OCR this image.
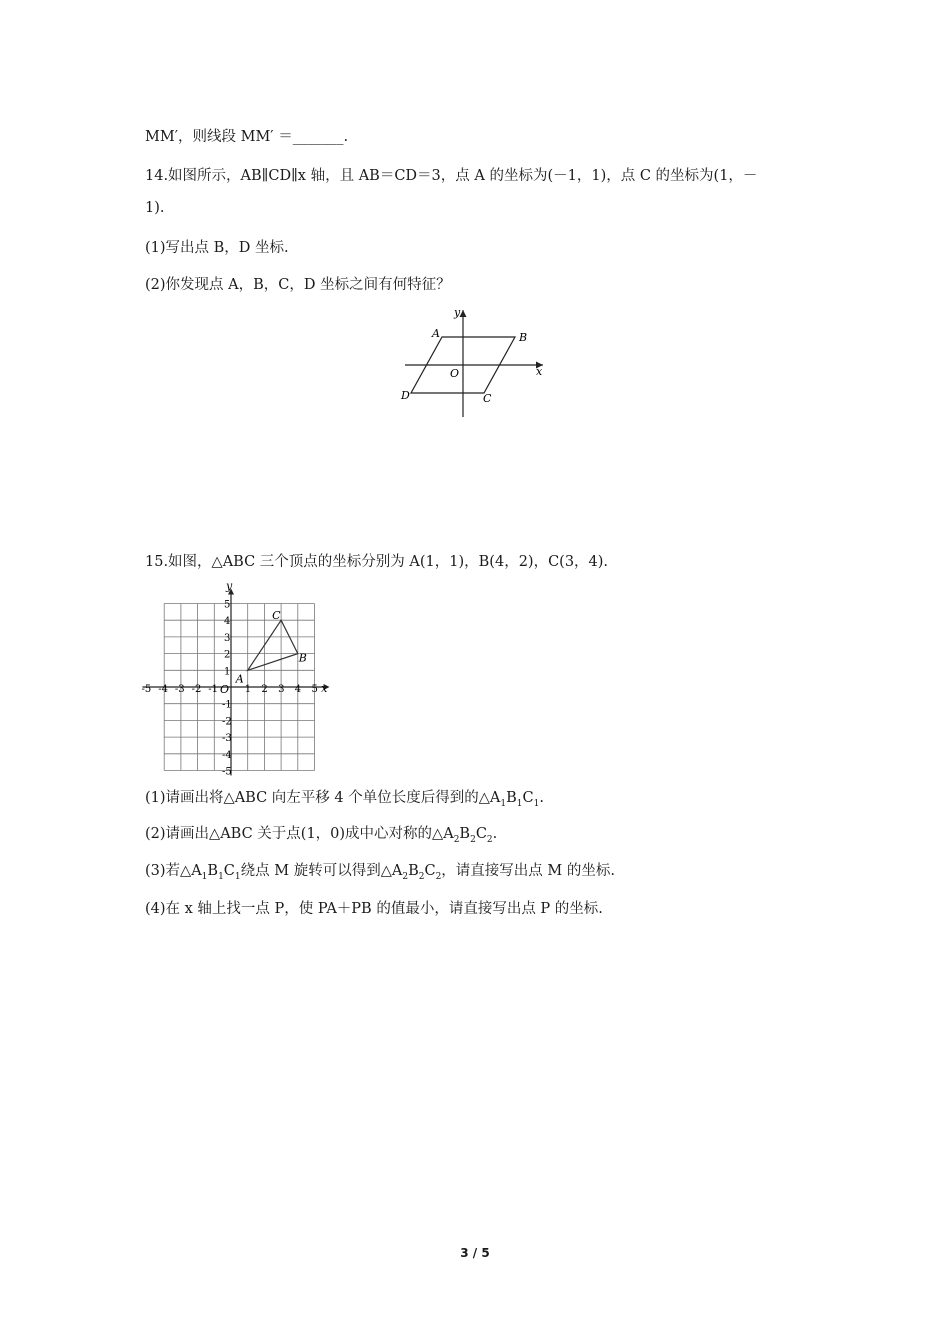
MM′，则线段 MM′ ＝_______.
14.如图所示，AB∥CD∥x 轴，且 AB＝CD＝3，点 A 的坐标为(－1，1)，点 C 的坐标为(1，－
1).
(1)写出点 B，D 坐标.
(2)你发现点 A，B，C，D 坐标之间有何特征？
A	B
C
D
O	x
y
15.如图，△ABC 三个顶点的坐标分别为 A(1，1)，B(4，2)，C(3，4).
-5 -4 -3 -2 -1	1 2 3 4 5
5
4
3
2
1
-1
-2
-3
-4
-5
O	x
y
A
B
C
(1)请画出将△ABC 向左平移 4 个单位长度后得到的$\triangle A_1B_1C_1$.
(2)请画出△ABC 关于点(1，0)成中心对称的$\triangle A_2B_2C_2$.
(3)若$\triangle A_1B_1C_1$绕点 M 旋转可以得到$\triangle A_2B_2C_2$，请直接写出点 M 的坐标.
(4)在 x 轴上找一点 P，使 PA＋PB 的值最小，请直接写出点 P 的坐标.
3 / 5
